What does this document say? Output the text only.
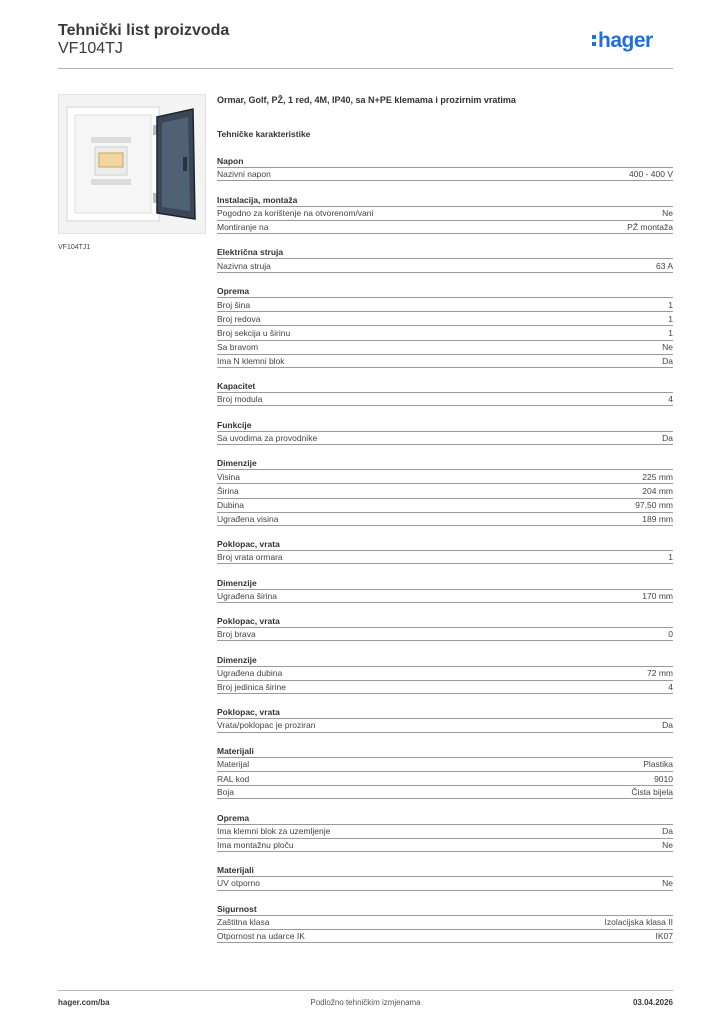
Tehnički list proizvoda
VF104TJ	hager
VF104TJ1
Ormar, Golf, PŽ, 1 red, 4M, IP40, sa N+PE klemama i prozirnim vratima
Tehničke karakteristike
Napon
Nazivni napon	400 - 400 V
Instalacija, montaža
Pogodno za korištenje na otvorenom/vani	Ne
Montiranje na	PŽ montaža
Električna struja
Nazivna struja	63 A
Oprema
Broj šina	1
Broj redova	1
Broj sekcija u širinu	1
Sa bravom	Ne
Ima N klemni blok	Da
Kapacitet
Broj modula	4
Funkcije
Sa uvodima za provodnike	Da
Dimenzije
Visina	225 mm
Širina	204 mm
Dubina	97,50 mm
Ugrađena visina	189 mm
Poklopac, vrata
Broj vrata ormara	1
Dimenzije
Ugrađena širina	170 mm
Poklopac, vrata
Broj brava	0
Dimenzije
Ugrađena dubina	72 mm
Broj jedinica širine	4
Poklopac, vrata
Vrata/poklopac je proziran	Da
Materijali
Materijal	Plastika
RAL kod	9010
Boja	Čista bijela
Oprema
Ima klemni blok za uzemljenje	Da
Ima montažnu ploču	Ne
Materijali
UV otporno	Ne
Sigurnost
Zaštitna klasa	Izolacijska klasa II
Otpornost na udarce IK	IK07
hager.com/ba	Podložno tehničkim izmjenama	03.04.2026
